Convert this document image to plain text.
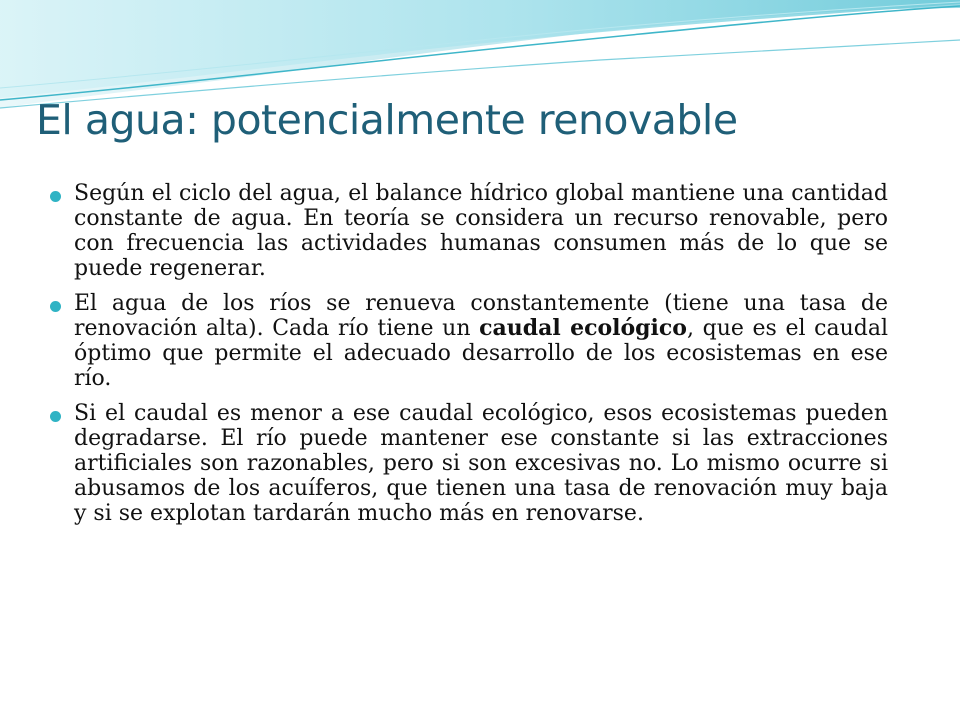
El agua: potencialmente renovable
Según el ciclo del agua, el balance hídrico global mantiene una cantidad constante de agua. En teoría se considera un recurso renovable, pero con frecuencia las actividades humanas consumen más de lo que se puede regenerar.
El agua de los ríos se renueva constantemente (tiene una tasa de renovación alta). Cada río tiene un caudal ecológico, que es el caudal óptimo que permite el adecuado desarrollo de los ecosistemas en ese río.
Si el caudal es menor a ese caudal ecológico, esos ecosistemas pueden degradarse. El río puede mantener ese constante si las extracciones artificiales son razonables, pero si son excesivas no. Lo mismo ocurre si abusamos de los acuíferos, que tienen una tasa de renovación muy baja y si se explotan tardarán mucho más en renovarse.
